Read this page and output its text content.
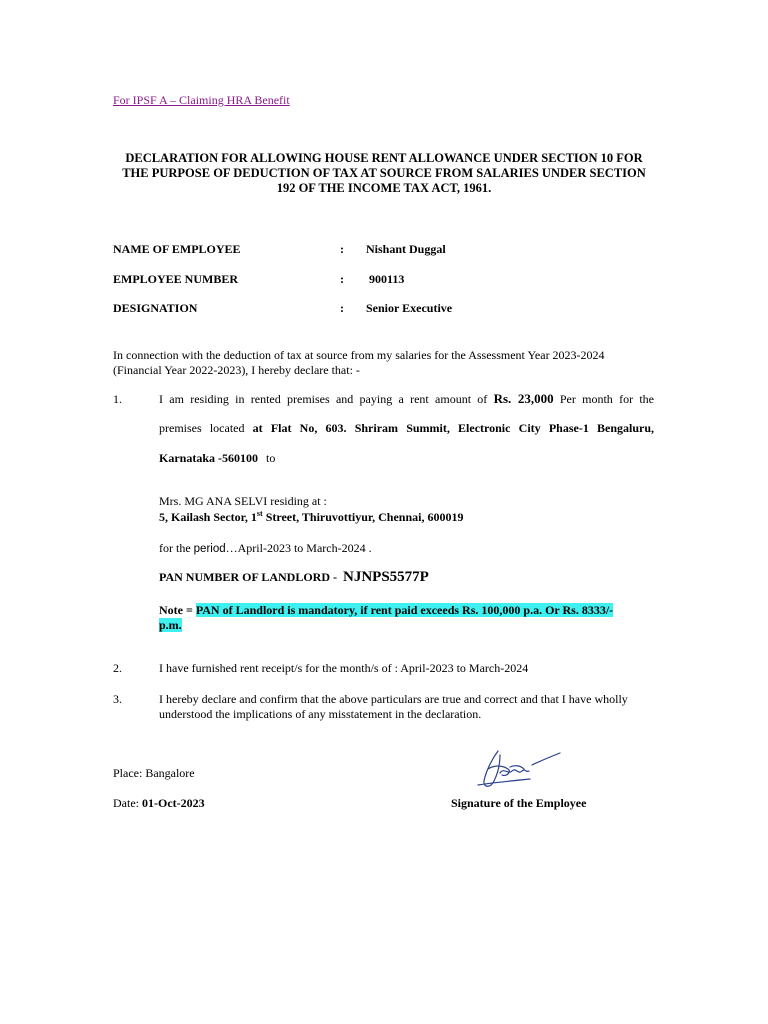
For IPSF A – Claiming HRA Benefit
DECLARATION FOR ALLOWING HOUSE RENT ALLOWANCE UNDER SECTION 10 FOR
THE PURPOSE OF DEDUCTION OF TAX AT SOURCE FROM SALARIES UNDER SECTION
192 OF THE INCOME TAX ACT, 1961.
NAME OF EMPLOYEE	: Nishant Duggal
EMPLOYEE NUMBER	: 900113
DESIGNATION	: Senior Executive
In connection with the deduction of tax at source from my salaries for the Assessment Year 2023-2024
(Financial Year 2022-2023), I hereby declare that: -
1.	I am residing in rented premises and paying a rent amount of Rs. 23,000 Per month for the
premises located at Flat No, 603. Shriram Summit, Electronic City Phase-1 Bengaluru,
Karnataka -560100 to
Mrs. MG ANA SELVI residing at :
5, Kailash Sector, 1st Street, Thiruvottiyur, Chennai, 600019
for the period…April-2023 to March-2024 .
PAN NUMBER OF LANDLORD - NJNPS5577P
Note = PAN of Landlord is mandatory, if rent paid exceeds Rs. 100,000 p.a. Or Rs. 8333/-
p.m.
2.	I have furnished rent receipt/s for the month/s of : April-2023 to March-2024
3.	I hereby declare and confirm that the above particulars are true and correct and that I have wholly
understood the implications of any misstatement in the declaration.
Place: Bangalore
Date: 01-Oct-2023	Signature of the Employee
